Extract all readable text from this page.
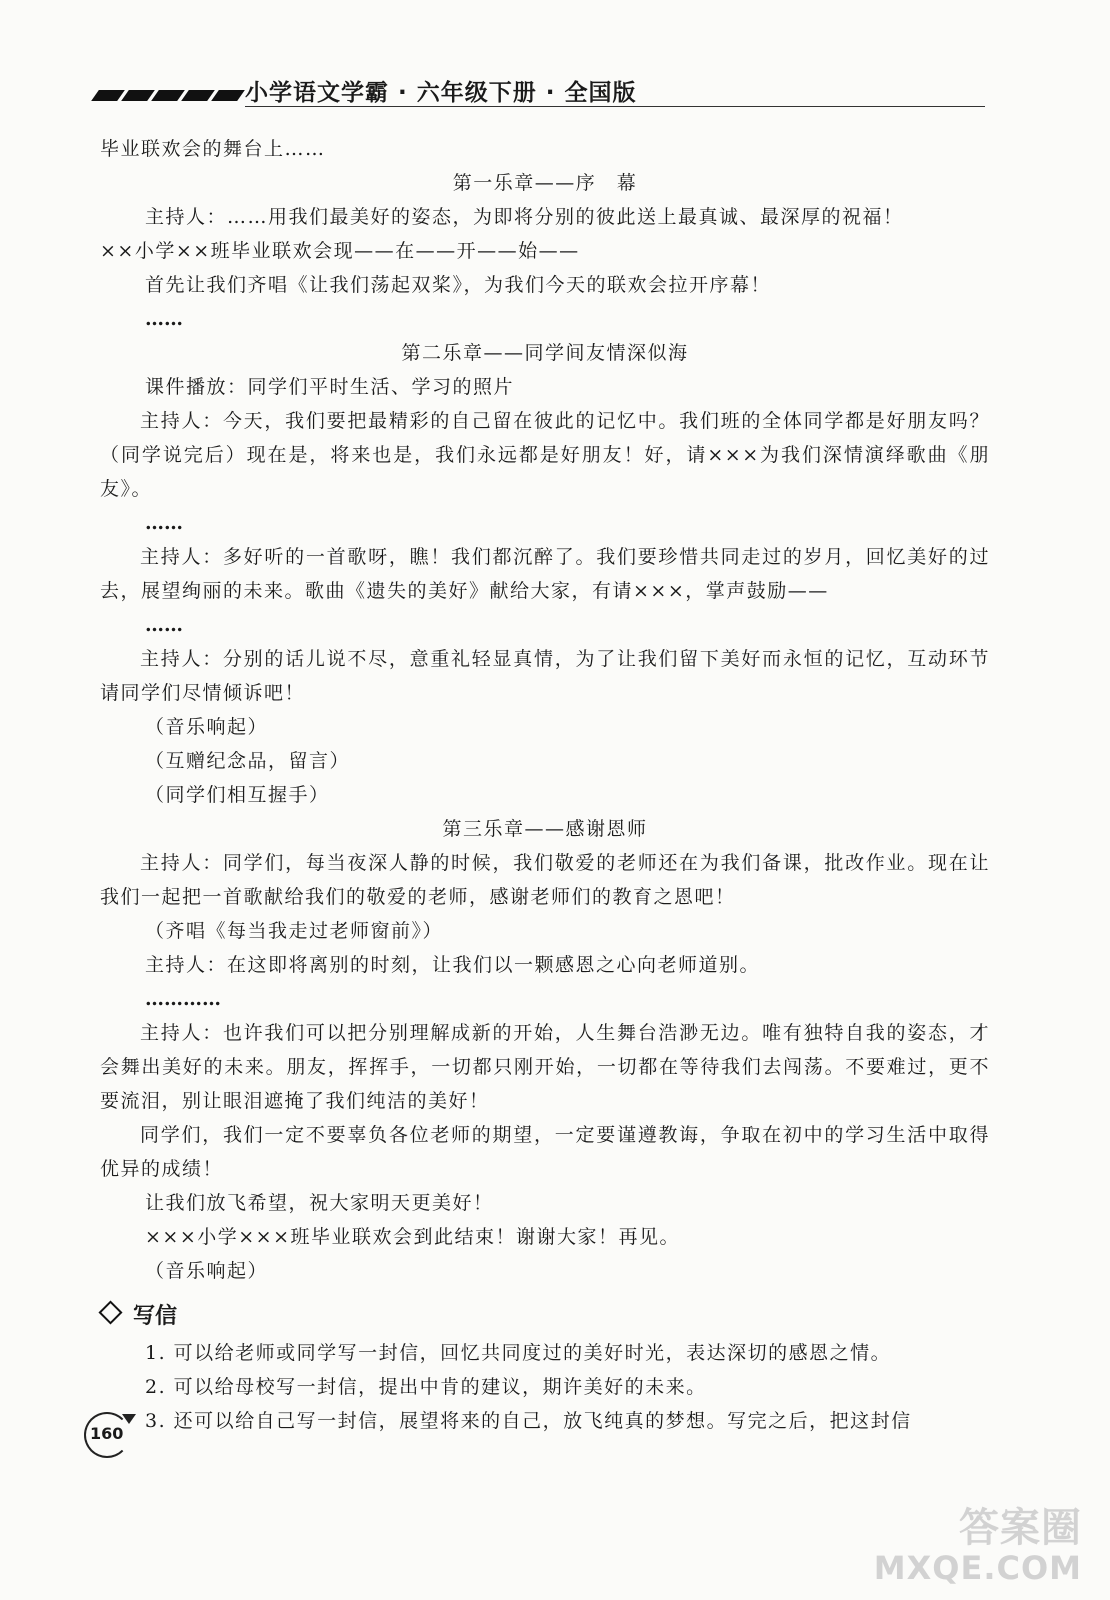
小学语文学霸 · 六年级下册 · 全国版
毕业联欢会的舞台上……
第一乐章——序　幕
主持人：……用我们最美好的姿态，为即将分别的彼此送上最真诚、最深厚的祝福！
××小学××班毕业联欢会现——在——开——始——
首先让我们齐唱《让我们荡起双桨》，为我们今天的联欢会拉开序幕！
……
第二乐章——同学间友情深似海
课件播放：同学们平时生活、学习的照片
主持人：今天，我们要把最精彩的自己留在彼此的记忆中。我们班的全体同学都是好朋友吗？（同学说完后）现在是，将来也是，我们永远都是好朋友！好，请×××为我们深情演绎歌曲《朋友》。
……
主持人：多好听的一首歌呀，瞧！我们都沉醉了。我们要珍惜共同走过的岁月，回忆美好的过去，展望绚丽的未来。歌曲《遗失的美好》献给大家，有请×××，掌声鼓励——
……
主持人：分别的话儿说不尽，意重礼轻显真情，为了让我们留下美好而永恒的记忆，互动环节请同学们尽情倾诉吧！
（音乐响起）
（互赠纪念品，留言）
（同学们相互握手）
第三乐章——感谢恩师
主持人：同学们，每当夜深人静的时候，我们敬爱的老师还在为我们备课，批改作业。现在让我们一起把一首歌献给我们的敬爱的老师，感谢老师们的教育之恩吧！
（齐唱《每当我走过老师窗前》）
主持人：在这即将离别的时刻，让我们以一颗感恩之心向老师道别。
…………
主持人：也许我们可以把分别理解成新的开始，人生舞台浩渺无边。唯有独特自我的姿态，才会舞出美好的未来。朋友，挥挥手，一切都只刚开始，一切都在等待我们去闯荡。不要难过，更不要流泪，别让眼泪遮掩了我们纯洁的美好！
同学们，我们一定不要辜负各位老师的期望，一定要谨遵教诲，争取在初中的学习生活中取得优异的成绩！
让我们放飞希望，祝大家明天更美好！
×××小学×××班毕业联欢会到此结束！谢谢大家！再见。
（音乐响起）
写信
1. 可以给老师或同学写一封信，回忆共同度过的美好时光，表达深切的感恩之情。
2. 可以给母校写一封信，提出中肯的建议，期许美好的未来。
3. 还可以给自己写一封信，展望将来的自己，放飞纯真的梦想。写完之后，把这封信
160
答案圈
MXQE.COM
